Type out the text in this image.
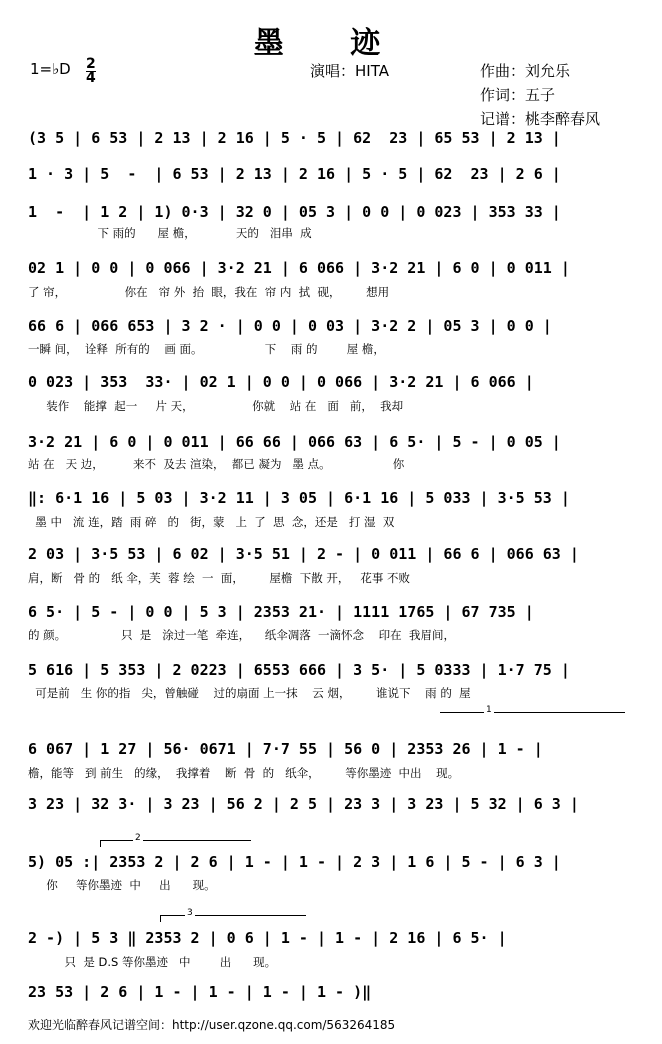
墨 迹
1=♭D $\frac{2}{4}$	演唱：HITA	作曲：刘允乐
作词：五子
记谱：桃李醉春风
(3 5 | 6 53 | 2 13 | 2 16 | 5 · 5 | 62  23 | 65 53 | 2 13 |
1 · 3 | 5  -  | 6 53 | 2 13 | 2 16 | 5 · 5 | 62  23 | 2 6 |
1  -  | 1 2 | 1) 0·3 | 32 0 | 05 3 | 0 0 | 0 023 | 353 33 |
下 雨的      屋 檐，           天的   泪串  成
02 1 | 0 0 | 0 066 | 3·2 21 | 6 066 | 3·2 21 | 6 0 | 0 011 |
了 帘，                你在   帘 外  抬  眼，我在  帘 内  拭  砚，       想用
66 6 | 066 653 | 3 2 · | 0 0 | 0 03 | 3·2 2 | 05 3 | 0 0 |
一瞬 间，  诠释  所有的    画 面。                 下    雨 的        屋 檐，
0 023 | 353  33· | 02 1 | 0 0 | 0 066 | 3·2 21 | 6 066 |
装作    能撑  起一     片 天，                你就    站 在   面   前，  我却
3·2 21 | 6 0 | 0 011 | 66 66 | 066 63 | 6 5· | 5 - | 0 05 |
站 在   天 边，        来不  及去 渲染，  都已 凝为   墨 点。                 你
‖: 6·1 16 | 5 03 | 3·2 11 | 3 05 | 6·1 16 | 5 033 | 3·5 53 |
墨 中   流 连，踏  雨 碎   的   街，蒙   上  了  思  念，还是   打 湿  双
2 03 | 3·5 53 | 6 02 | 3·5 51 | 2 - | 0 011 | 66 6 | 066 63 |
肩，断   骨 的   纸 伞，芙  蓉 绘  一  面，       屋檐  下散 开，   花事 不败
6 5· | 5 - | 0 0 | 5 3 | 2353 21· | 1111 1765 | 67 735 |
的 颜。               只  是   涂过一笔  牵连，    纸伞凋落  一滴怀念    印在  我眉间，
5 616 | 5 353 | 2 0223 | 6553 666 | 3 5· | 5 0333 | 1·7 75 |
可是前   生 你的指   尖，曾触碰    过的扇面 上一抹    云 烟，       谁说下    雨 的  屋
1
6 067 | 1 27 | 56· 0671 | 7·7 55 | 56 0 | 2353 26 | 1 - |
檐，能等   到 前生   的缘，  我撑着    断  骨  的   纸伞，       等你墨迹  中出    现。
3 23 | 32 3· | 3 23 | 56 2 | 2 5 | 23 3 | 3 23 | 5 32 | 6 3 |
2
5) 05 :| 2353 2 | 2 6 | 1 - | 1 - | 2 3 | 1 6 | 5 - | 6 3 |
你     等你墨迹  中     出      现。
3
2 -) | 5 3 ‖ 2353 2 | 0 6 | 1 - | 1 - | 2 16 | 6 5· |
只  是 D.S 等你墨迹   中        出      现。
23 53 | 2 6 | 1 - | 1 - | 1 - | 1 - )‖
欢迎光临醉春风记谱空间：http://user.qzone.qq.com/563264185
